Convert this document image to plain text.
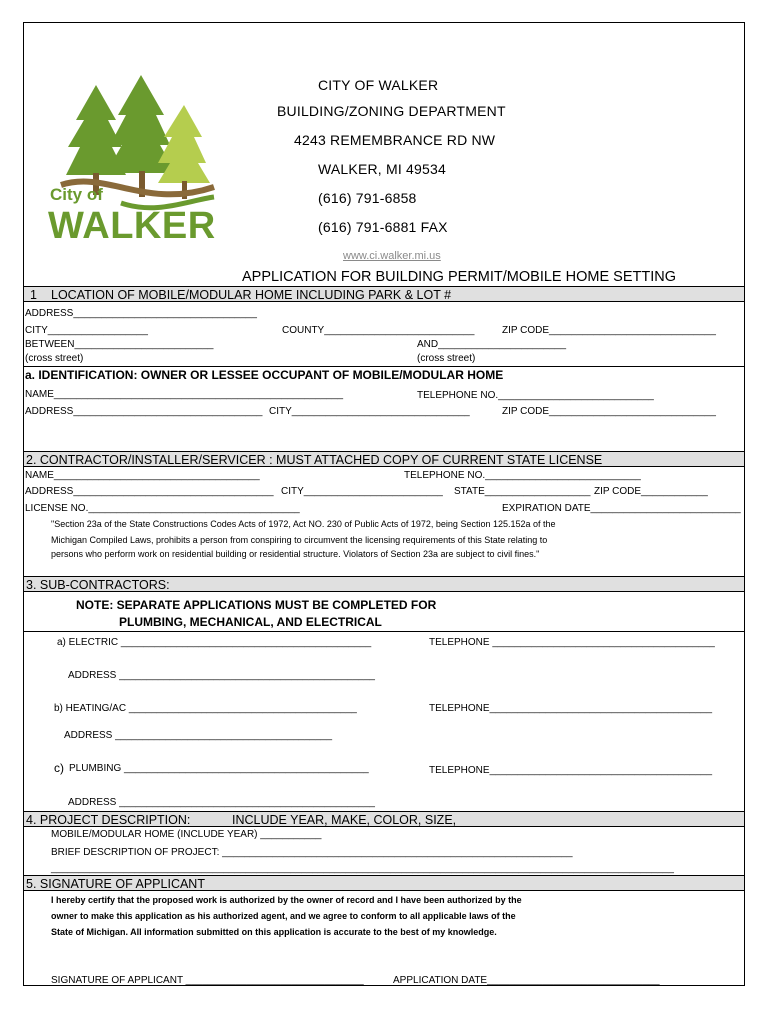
City of
WALKER
CITY OF WALKER
BUILDING/ZONING DEPARTMENT
4243 REMEMBRANCE RD NW
WALKER, MI 49534
(616) 791-6858
(616) 791-6881 FAX
www.ci.walker.mi.us
APPLICATION FOR BUILDING PERMIT/MOBILE HOME SETTING
1 LOCATION OF MOBILE/MODULAR HOME INCLUDING PARK & LOT #
ADDRESS_________________________________
CITY__________________	COUNTY___________________________	ZIP CODE______________________________
BETWEEN_________________________	AND_______________________
(cross street)	(cross street)
a. IDENTIFICATION: OWNER OR LESSEE OCCUPANT OF MOBILE/MODULAR HOME
NAME____________________________________________________	TELEPHONE NO.____________________________
ADDRESS__________________________________ CITY________________________________	ZIP CODE______________________________
2. CONTRACTOR/INSTALLER/SERVICER : MUST ATTACHED COPY OF CURRENT STATE LICENSE
NAME_____________________________________	TELEPHONE NO.____________________________
ADDRESS____________________________________ CITY_________________________ STATE___________________ ZIP CODE____________
LICENSE NO.______________________________________	EXPIRATION DATE___________________________
"Section 23a of the State Constructions Codes Acts of 1972, Act NO. 230 of Public Acts of 1972, being Section 125.152a of the
Michigan Compiled Laws, prohibits a person from conspiring to circumvent the licensing requirements of this State relating to
persons who perform work on residential building or residential structure. Violators of Section 23a are subject to civil fines."
3. SUB-CONTRACTORS:
NOTE: SEPARATE APPLICATIONS MUST BE COMPLETED FOR
PLUMBING, MECHANICAL, AND ELECTRICAL
a) ELECTRIC _____________________________________________	TELEPHONE ________________________________________
ADDRESS ______________________________________________
b) HEATING/AC _________________________________________	TELEPHONE________________________________________
ADDRESS _______________________________________
c) PLUMBING ____________________________________________	TELEPHONE________________________________________
ADDRESS ______________________________________________
4. PROJECT DESCRIPTION:	INCLUDE YEAR, MAKE, COLOR, SIZE,
MOBILE/MODULAR HOME (INCLUDE YEAR) ___________
BRIEF DESCRIPTION OF PROJECT: _______________________________________________________________
________________________________________________________________________________________________________________
5. SIGNATURE OF APPLICANT
I hereby certify that the proposed work is authorized by the owner of record and I have been authorized by the
owner to make this application as his authorized agent, and we agree to conform to all applicable laws of the
State of Michigan. All information submitted on this application is accurate to the best of my knowledge.
SIGNATURE OF APPLICANT ________________________________	APPLICATION DATE_______________________________
